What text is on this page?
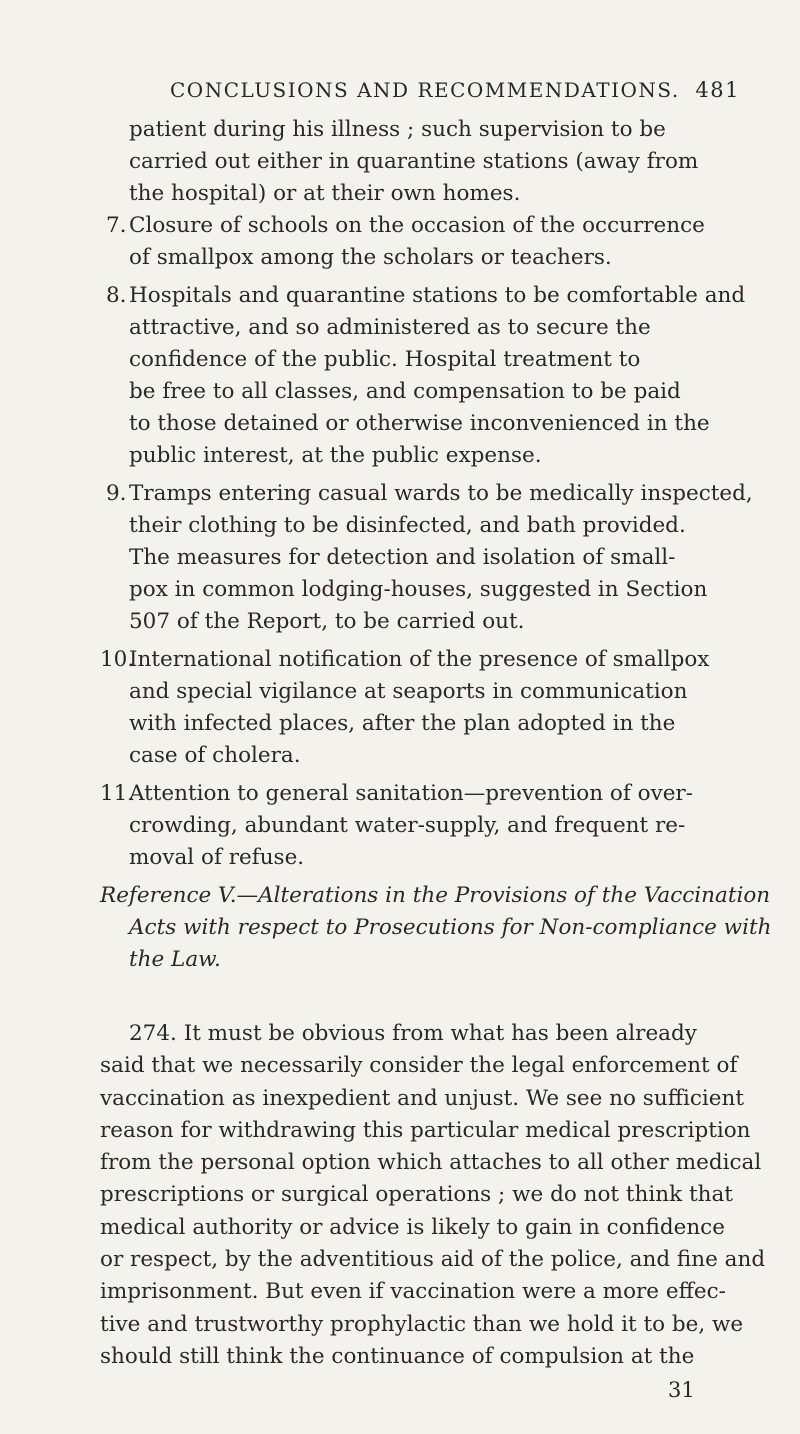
CONCLUSIONS AND RECOMMENDATIONS. 481
patient during his illness ; such supervision to be
carried out either in quarantine stations (away from
the hospital) or at their own homes.
7. Closure of schools on the occasion of the occurrence
of smallpox among the scholars or teachers.
8. Hospitals and quarantine stations to be comfortable and
attractive, and so administered as to secure the
confidence of the public. Hospital treatment to
be free to all classes, and compensation to be paid
to those detained or otherwise inconvenienced in the
public interest, at the public expense.
9. Tramps entering casual wards to be medically inspected,
their clothing to be disinfected, and bath provided.
The measures for detection and isolation of small-
pox in common lodging-houses, suggested in Section
507 of the Report, to be carried out.
10.
International notification of the presence of smallpox
and special vigilance at seaports in communication
with infected places, after the plan adopted in the
case of cholera.
11.
Attention to general sanitation—prevention of over-
crowding, abundant water-supply, and frequent re-
moval of refuse.
Reference V.—Alterations in the Provisions of the Vaccination
Acts with respect to Prosecutions for Non-compliance with
the Law.
274. It must be obvious from what has been already
said that we necessarily consider the legal enforcement of
vaccination as inexpedient and unjust. We see no sufficient
reason for withdrawing this particular medical prescription
from the personal option which attaches to all other medical
prescriptions or surgical operations ; we do not think that
medical authority or advice is likely to gain in confidence
or respect, by the adventitious aid of the police, and fine and
imprisonment. But even if vaccination were a more effec-
tive and trustworthy prophylactic than we hold it to be, we
should still think the continuance of compulsion at the
31
